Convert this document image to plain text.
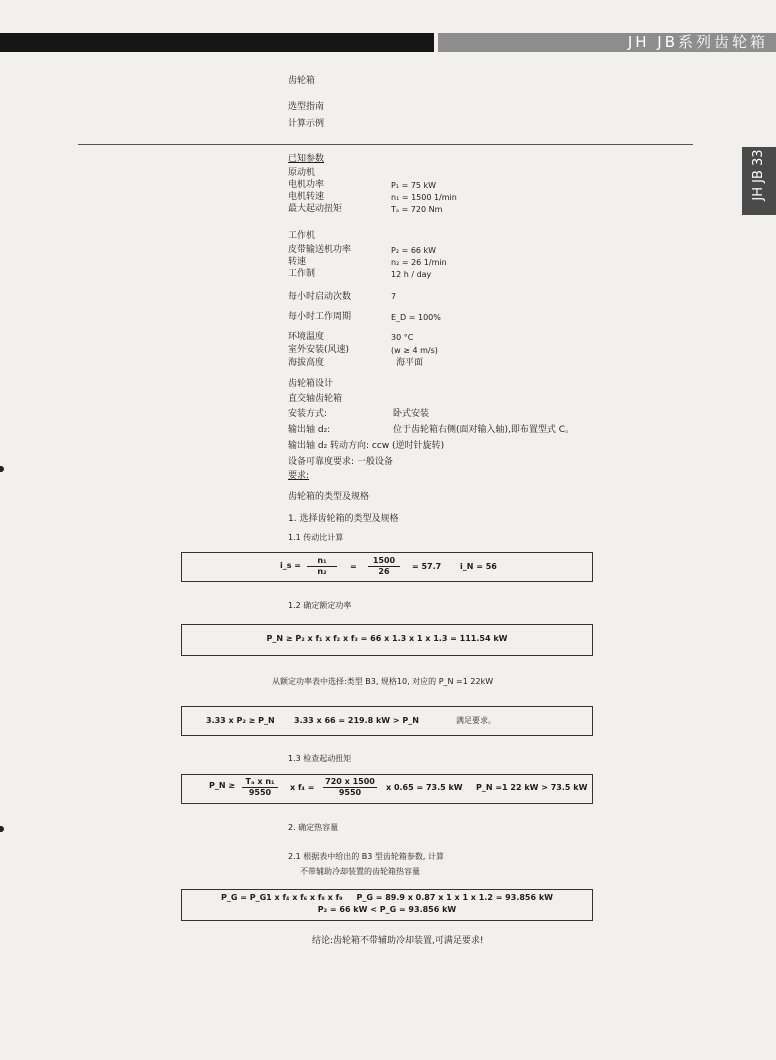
JH JB系列齿轮箱
JH JB 33
齿轮箱
选型指南
计算示例
已知参数
原动机
电机功率	P₁ = 75 kW
电机转速	n₁ = 1500 1/min
最大起动扭矩	Tₐ = 720 Nm
工作机
皮带输送机功率	P₂ = 66 kW
转速	n₂ = 26 1/min
工作制	12 h / day
每小时启动次数	7
每小时工作周期	E_D = 100%
环境温度	30 °C
室外安装(风速)	(w ≥ 4 m/s)
海拔高度	海平面
齿轮箱设计
直交轴齿轮箱
安装方式:	卧式安装
输出轴 d₂:	位于齿轮箱右侧(面对输入轴),即布置型式 C。
输出轴 d₂ 转动方向: ccw (逆时针旋转)
设备可靠度要求: 一般设备
要求:
齿轮箱的类型及规格
1. 选择齿轮箱的类型及规格
1.1 传动比计算
i_s = $\frac{\text{n₁}}{\text{n₂}} = \frac{1500}{26} = 57.7$ i_N = 56
1.2 确定额定功率
P_N ≥ P₂ x f₁ x f₂ x f₃ = 66 x 1.3 x 1 x 1.3 = 111.54 kW
从额定功率表中选择:类型 B3, 规格10, 对应的 P_N =1 22kW
3.33 x P₂ ≥ P_N 3.33 x 66 = 219.8 kW > P_N	满足要求。
1.3 检查起动扭矩
P_N ≥ $\frac{\text{Tₐ x n₁}}{9550}$ x $f_4 = \frac{720 x 1500}{9550}$ x 0.65 = 73.5 kW P_N =1 22 kW > 73.5 kW
2. 确定热容量
2.1 根据表中给出的 B3 型齿轮箱参数, 计算
不带辅助冷却装置的齿轮箱热容量
P_G = P_G1 x f₄ x f₆ x f₈ x f₉     P_G = 89.9 x 0.87 x 1 x 1 x 1.2 = 93.856 kW
P₂ = 66 kW < P_G = 93.856 kW
结论:齿轮箱不带辅助冷却装置,可满足要求!
